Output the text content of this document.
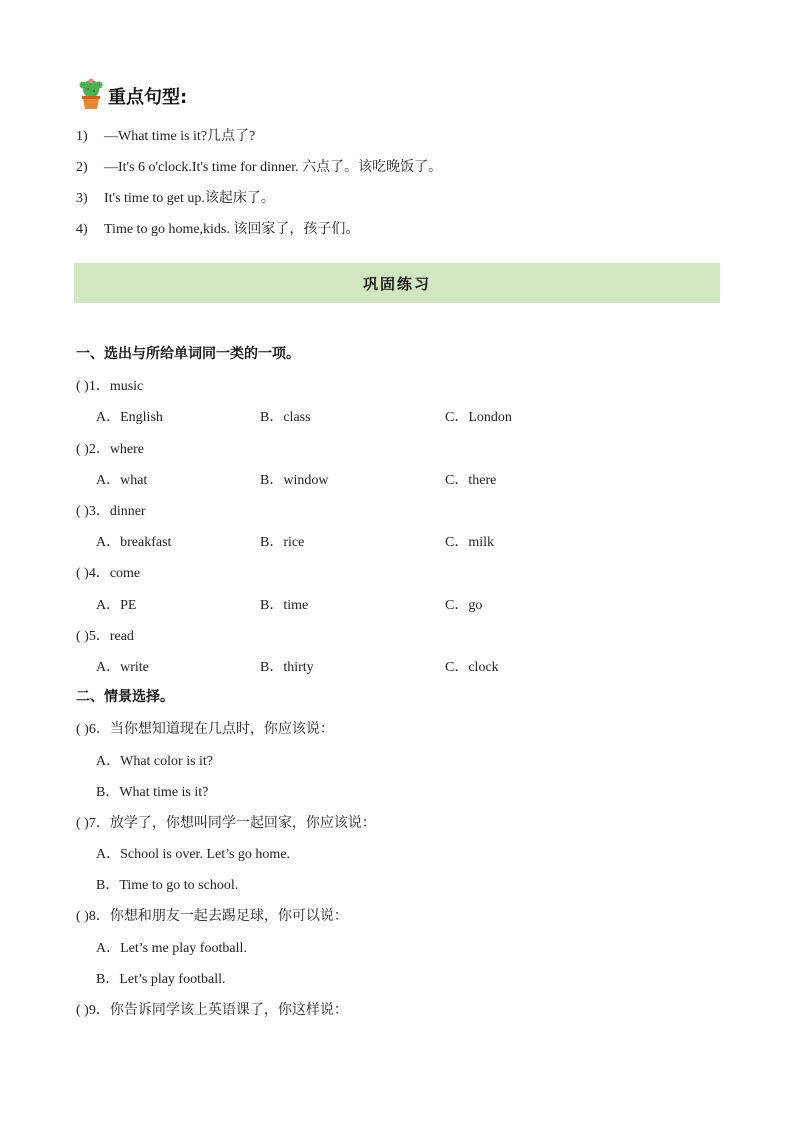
重点句型:
1) —What time is it?几点了?
2) —It's 6 o'clock.It's time for dinner. 六点了。该吃晚饭了。
3) It's time to get up.该起床了。
4) Time to go home,kids. 该回家了，孩子们。
巩固练习
一、选出与所给单词同一类的一项。
( )1．music
A．English	B．class	C．London
( )2．where
A．what	B．window	C．there
( )3．dinner
A．breakfast	B．rice	C．milk
( )4．come
A．PE	B．time	C．go
( )5．read
A．write	B．thirty	C．clock
二、情景选择。
( )6．当你想知道现在几点时，你应该说：
A．What color is it?
B．What time is it?
( )7．放学了，你想叫同学一起回家，你应该说：
A．School is over. Let’s go home.
B．Time to go to school.
( )8．你想和朋友一起去踢足球，你可以说：
A．Let’s me play football.
B．Let’s play football.
( )9．你告诉同学该上英语课了，你这样说：
